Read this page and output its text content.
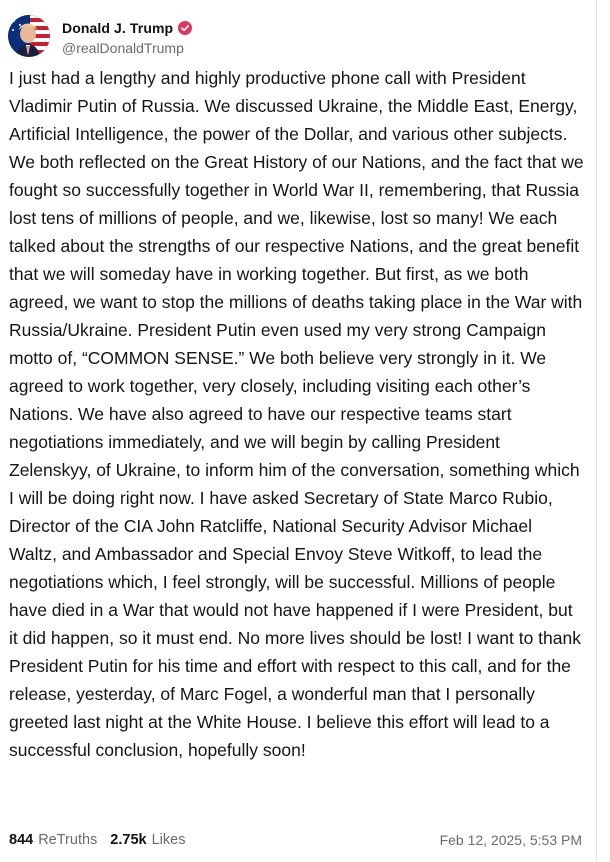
Donald J. Trump
@realDonaldTrump

I just had a lengthy and highly productive phone call with President Vladimir Putin of Russia. We discussed Ukraine, the Middle East, Energy, Artificial Intelligence, the power of the Dollar, and various other subjects. We both reflected on the Great History of our Nations, and the fact that we fought so successfully together in World War II, remembering, that Russia lost tens of millions of people, and we, likewise, lost so many! We each talked about the strengths of our respective Nations, and the great benefit that we will someday have in working together. But first, as we both agreed, we want to stop the millions of deaths taking place in the War with Russia/Ukraine. President Putin even used my very strong Campaign motto of, “COMMON SENSE.” We both believe very strongly in it. We agreed to work together, very closely, including visiting each other’s Nations. We have also agreed to have our respective teams start negotiations immediately, and we will begin by calling President Zelenskyy, of Ukraine, to inform him of the conversation, something which I will be doing right now. I have asked Secretary of State Marco Rubio, Director of the CIA John Ratcliffe, National Security Advisor Michael Waltz, and Ambassador and Special Envoy Steve Witkoff, to lead the negotiations which, I feel strongly, will be successful. Millions of people have died in a War that would not have happened if I were President, but it did happen, so it must end. No more lives should be lost! I want to thank President Putin for his time and effort with respect to this call, and for the release, yesterday, of Marc Fogel, a wonderful man that I personally greeted last night at the White House. I believe this effort will lead to a successful conclusion, hopefully soon!

844 ReTruths 2.75k Likes	Feb 12, 2025, 5:53 PM
